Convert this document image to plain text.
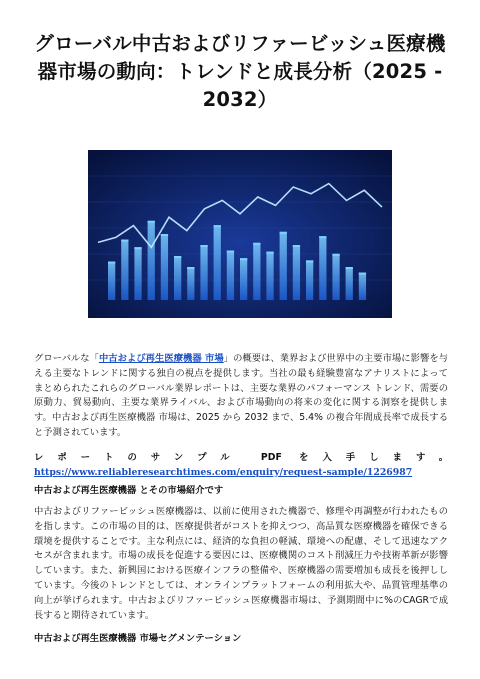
グローバル中古およびリファービッシュ医療機
器市場の動向：トレンドと成長分析（2025 -
2032）
グローバルな「中古および再生医療機器 市場」の概要は、業界および世界中の主要市場に影響を与える主要なトレンドに関する独自の視点を提供します。当社の最も経験豊富なアナリストによってまとめられたこれらのグローバル業界レポートは、主要な業界のパフォーマンス トレンド、需要の原動力、貿易動向、主要な業界ライバル、および市場動向の将来の変化に関する洞察を提供します。中古および再生医療機器 市場は、2025 から 2032 まで、5.4% の複合年間成長率で成長すると予測されています。
レポートのサンプル PDF を入手します。 https://www.reliableresearchtimes.com/enquiry/request-sample/1226987
中古および再生医療機器 とその市場紹介です
中古およびリファービッシュ医療機器は、以前に使用された機器で、修理や再調整が行われたものを指します。この市場の目的は、医療提供者がコストを抑えつつ、高品質な医療機器を確保できる環境を提供することです。主な利点には、経済的な負担の軽減、環境への配慮、そして迅速なアクセスが含まれます。市場の成長を促進する要因には、医療機関のコスト削減圧力や技術革新が影響しています。また、新興国における医療インフラの整備や、医療機器の需要増加も成長を後押ししています。今後のトレンドとしては、オンラインプラットフォームの利用拡大や、品質管理基準の向上が挙げられます。中古およびリファービッシュ医療機器市場は、予測期間中に%のCAGRで成長すると期待されています。
中古および再生医療機器 市場セグメンテーション
